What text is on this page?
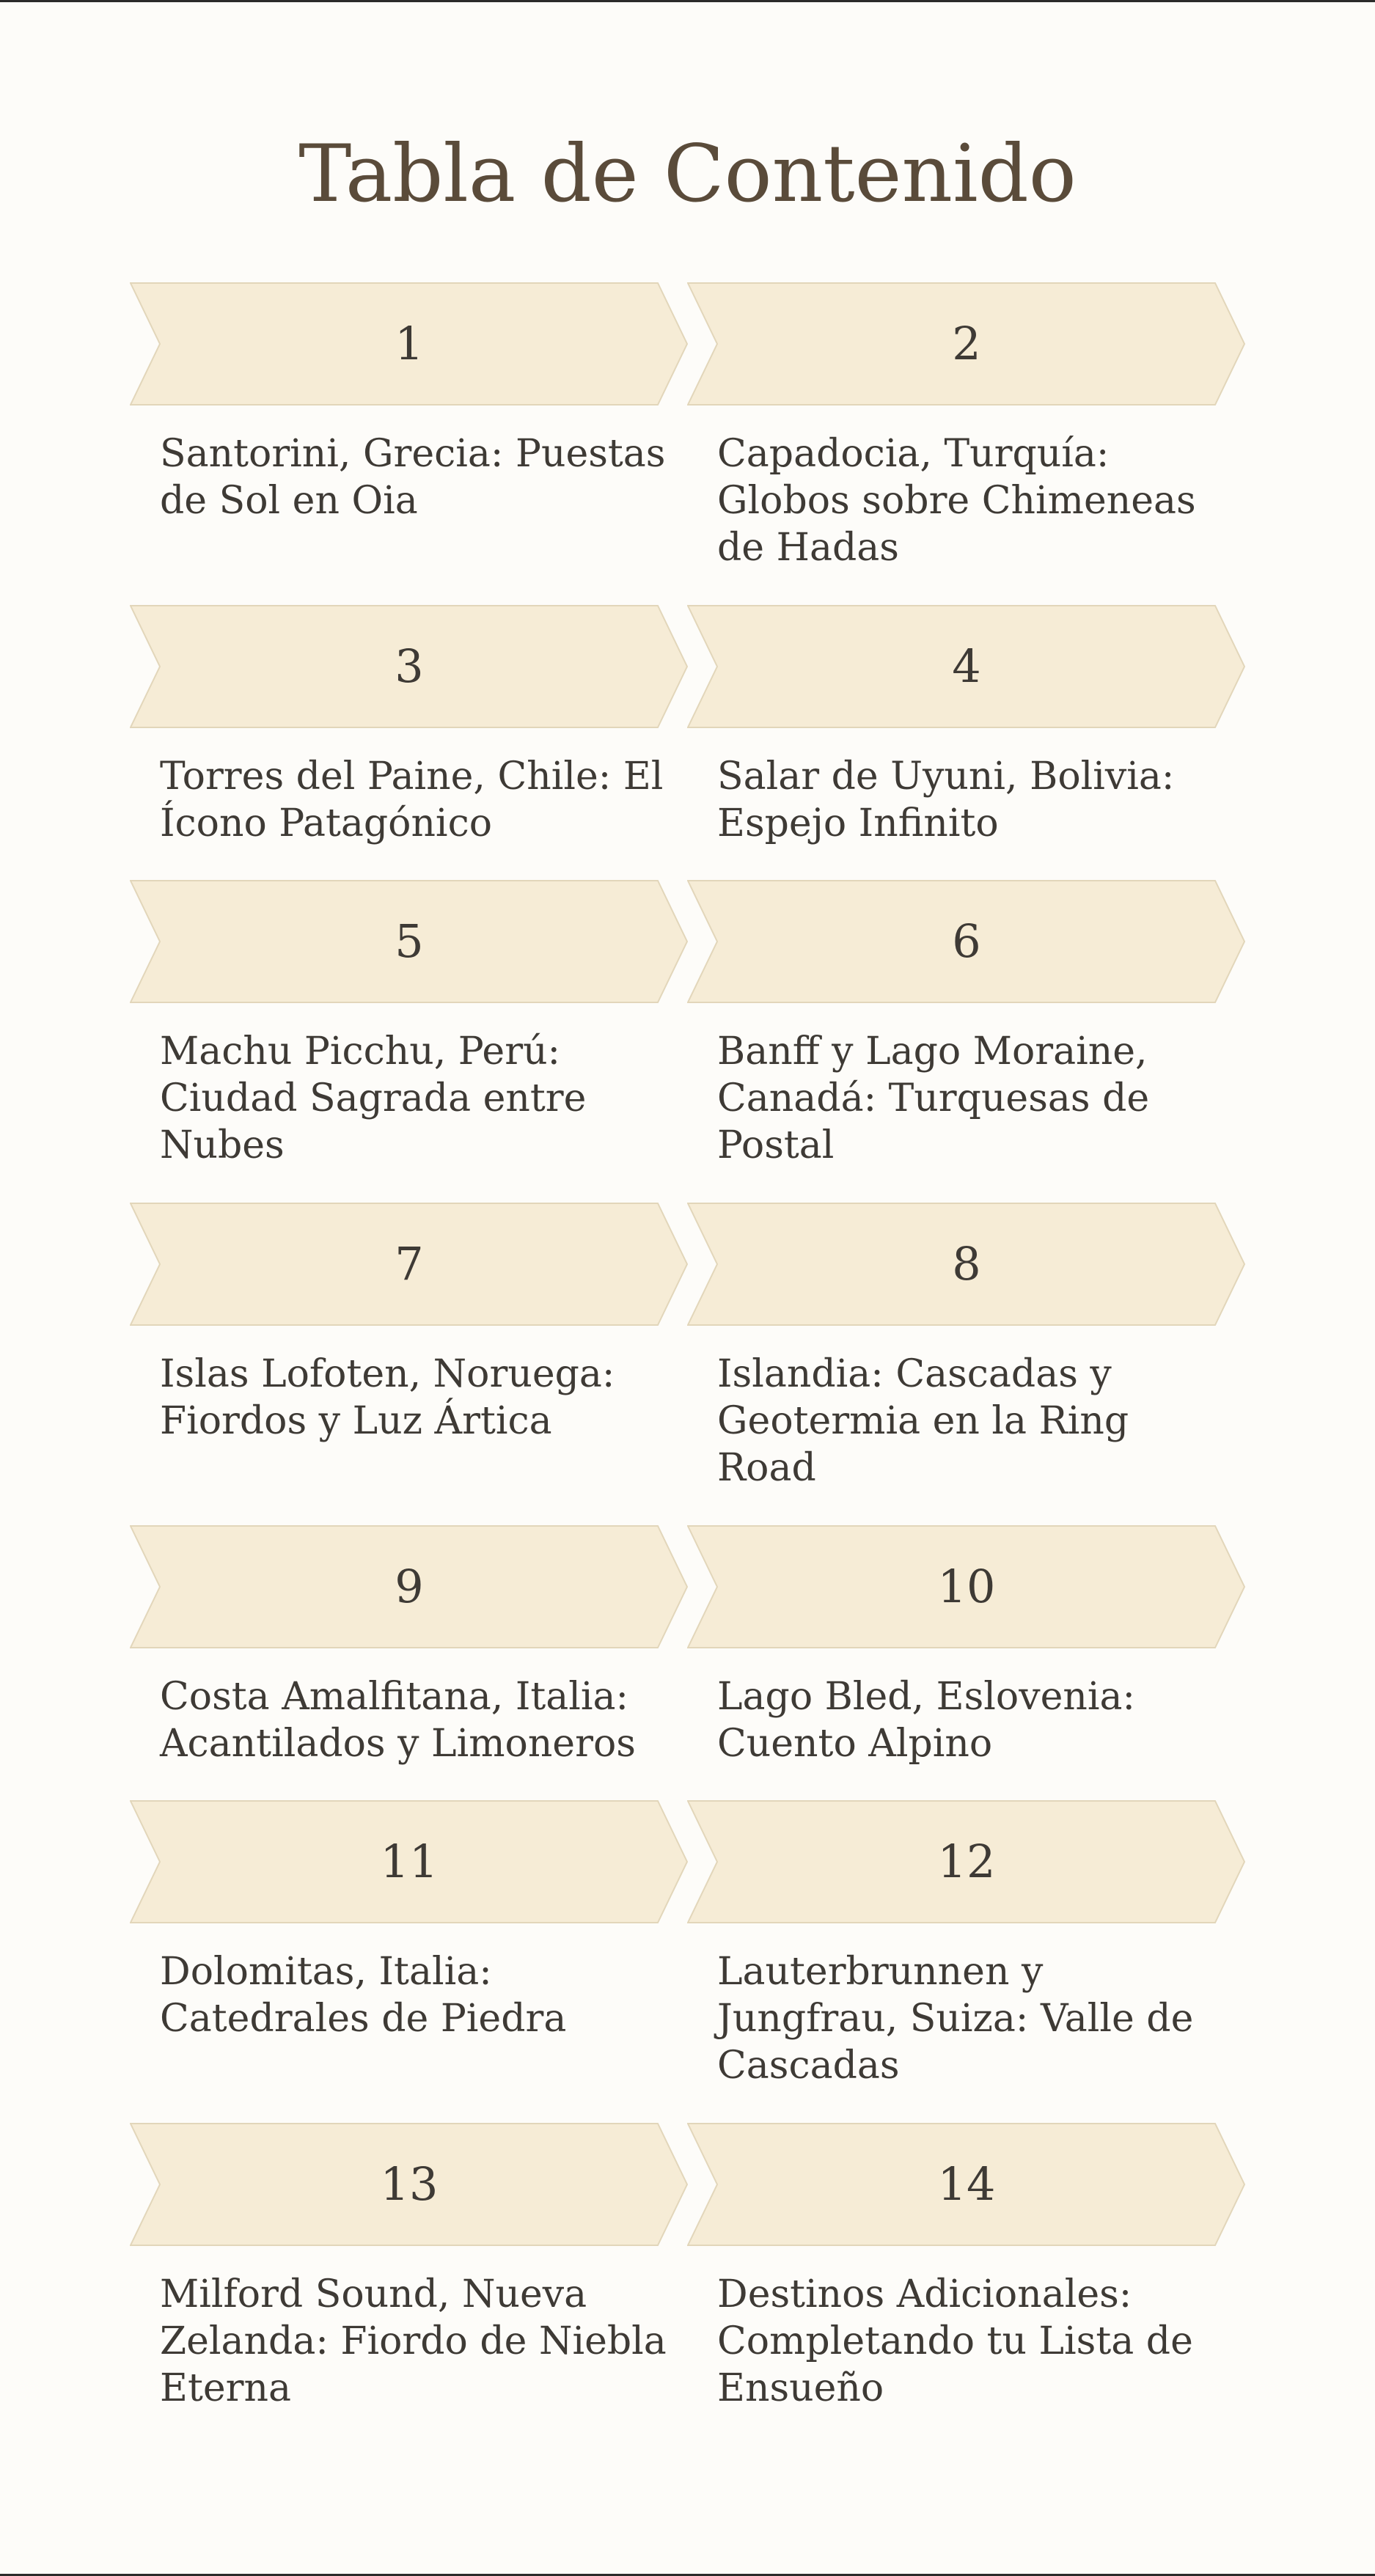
Tabla de Contenido
1
Santorini, Grecia: Puestas de Sol en Oia
2
Capadocia, Turquía: Globos sobre Chimeneas de Hadas
3
Torres del Paine, Chile: El Ícono Patagónico
4
Salar de Uyuni, Bolivia: Espejo Infinito
5
Machu Picchu, Perú: Ciudad Sagrada entre Nubes
6
Banff y Lago Moraine, Canadá: Turquesas de Postal
7
Islas Lofoten, Noruega: Fiordos y Luz Ártica
8
Islandia: Cascadas y Geotermia en la Ring Road
9
Costa Amalfitana, Italia: Acantilados y Limoneros
10
Lago Bled, Eslovenia: Cuento Alpino
11
Dolomitas, Italia: Catedrales de Piedra
12
Lauterbrunnen y Jungfrau, Suiza: Valle de Cascadas
13
Milford Sound, Nueva Zelanda: Fiordo de Niebla Eterna
14
Destinos Adicionales: Completando tu Lista de Ensueño
